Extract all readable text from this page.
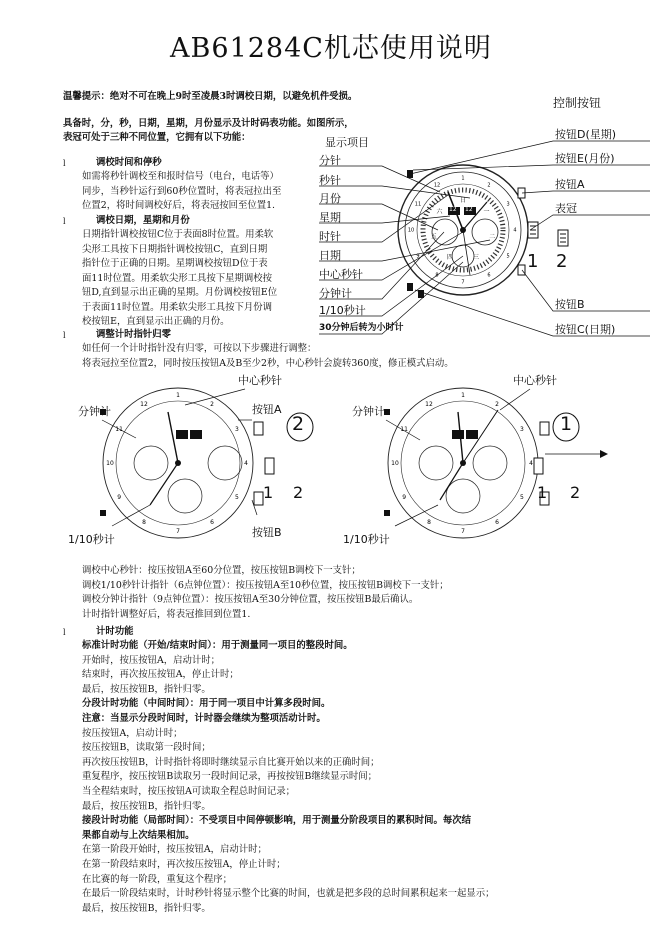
AB61284C机芯使用说明
温馨提示：绝对不可在晚上9时至凌晨3时调校日期，以避免机件受损。
具备时，分，秒，日期，星期，月份显示及计时码表功能。如图所示，
表冠可处于三种不同位置，它拥有以下功能：
控制按钮
显示项目
分针
秒针
月份
星期
时针
日期
中心秒针
分钟计
1/10秒计
30分钟后转为小时计
按钮D(星期)
按钮E(月份)
按钮A
表冠
按钮B
按钮C(日期)
1
2
3
4
5
6
7
8
9
10
11
12
日
一
二
三
四
五
六
1
2
3
4
5
6
7
8
9
10
11
12
1
2
3
4
5
6
7
8
9
10
11
12
1 2
12 12
l	调校时间和停秒
l	调校日期，星期和月份
l	调整计时指针归零
如任何一个计时指针没有归零，可按以下步骤进行调整：
将表冠拉至位置2，同时按压按钮A及B至少2秒，中心秒针会旋转360度，修正模式启动。
中心秒针
分钟计	按钮A
2
1 2
按钮B
1/10秒计
中心秒针
分钟计
1
1 2
1/10秒计
l	计时功能
如需将秒针调校至和报时信号（电台，电话等）
同步，当秒针运行到60秒位置时，将表冠拉出至
位置2，将时间调校好后，将表冠按回至位置1.
日期指针调校按钮C位于表面8时位置。用柔软
尖形工具按下日期指针调校按钮C，直到日期
指针位于正确的日期。星期调校按钮D位于表
面11时位置。用柔软尖形工具按下星期调校按
钮D,直到显示出正确的星期。月份调校按钮E位
于表面11时位置。用柔软尖形工具按下月份调
校按钮E，直到显示出正确的月份。
调校中心秒针：按压按钮A至60分位置，按压按钮B调校下一支针；
调校1/10秒针计指针（6点钟位置）：按压按钮A至10秒位置，按压按钮B调校下一支针；
调校分钟计指针（9点钟位置）：按压按钮A至30分钟位置，按压按钮B最后确认。
计时指针调整好后，将表冠推回到位置1.
标准计时功能（开始/结束时间）：用于测量同一项目的整段时间。
开始时，按压按钮A，启动计时；
结束时，再次按压按钮A，停止计时；
最后，按压按钮B，指针归零。
分段计时功能（中间时间）：用于同一项目中计算多段时间。
注意：当显示分段时间时，计时器会继续为整项活动计时。
按压按钮A，启动计时；
按压按钮B，读取第一段时间；
再次按压按钮B，计时指针将即时继续显示自比赛开始以来的正确时间；
重复程序，按压按钮B读取另一段时间记录，再按按钮B继续显示时间；
当全程结束时，按压按钮A可读取全程总时间记录；
最后，按压按钮B，指针归零。
接段计时功能（局部时间）：不受项目中间停顿影响，用于测量分阶段项目的累积时间。每次结
果都自动与上次结果相加。
在第一阶段开始时，按压按钮A，启动计时；
在第一阶段结束时，再次按压按钮A，停止计时；
在比赛的每一阶段，重复这个程序；
在最后一阶段结束时，计时秒针将显示整个比赛的时间，也就是把多段的总时间累积起来一起显示；
最后，按压按钮B，指针归零。
